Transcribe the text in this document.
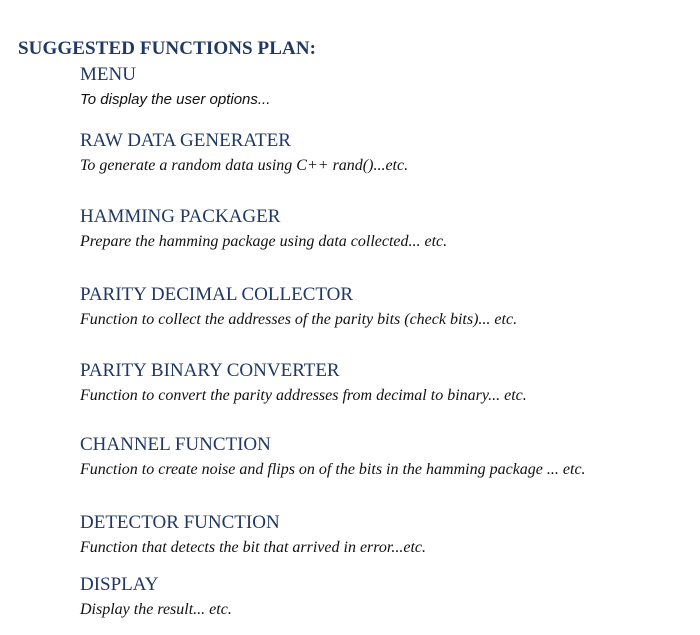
SUGGESTED FUNCTIONS PLAN:
MENU
To display the user options...
RAW DATA GENERATER
To generate a random data using C++ rand()...etc.
HAMMING PACKAGER
Prepare the hamming package using data collected... etc.
PARITY DECIMAL COLLECTOR
Function to collect the addresses of the parity bits (check bits)... etc.
PARITY BINARY CONVERTER
Function to convert the parity addresses from decimal to binary... etc.
CHANNEL FUNCTION
Function to create noise and flips on of the bits in the hamming package ... etc.
DETECTOR FUNCTION
Function that detects the bit that arrived in error...etc.
DISPLAY
Display the result... etc.
